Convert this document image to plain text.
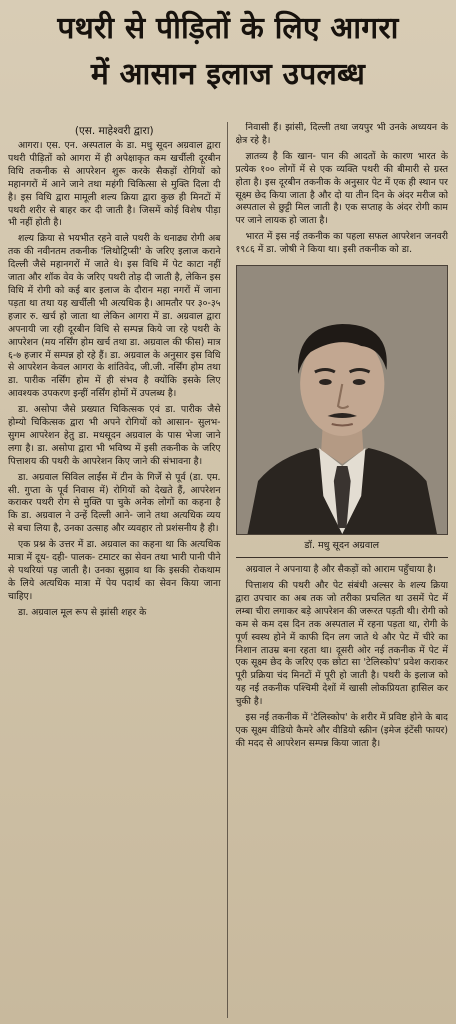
पथरी से पीड़ितों के लिए आगरा
में आसान इलाज उपलब्ध
(एस. माहेश्वरी द्वारा)

आगरा। एस. एन. अस्पताल के डा. मधु सूदन अग्रवाल द्वारा पथरी पीड़ितों को आगरा में ही अपेक्षाकृत कम खर्चीली दूरबीन विधि तकनीक से आपरेशन शुरू करके सैकड़ों रोगियों को महानगरों में आने जाने तथा महंगी चिकित्सा से मुक्ति दिला दी है। इस विधि द्वारा मामूली शल्य क्रिया द्वारा कुछ ही मिनटों में पथरी शरीर से बाहर कर दी जाती है। जिसमें कोई विशेष पीड़ा भी नहीं होती है।

शल्य क्रिया से भयभीत रहने वाले पथरी के धनाढ्य रोगी अब तक की नवीनतम तकनीक 'लिथोट्रिप्सी' के जरिए इलाज कराने दिल्ली जैसे महानगरों में जाते थे। इस विधि में पेट काटा नहीं जाता और शॉक वेव के जरिए पथरी तोड़ दी जाती है, लेकिन इस विधि में रोगी को कई बार इलाज के दौरान महा नगरों में जाना पड़ता था तथा यह खर्चीली भी अत्यधिक है। आमतौर पर ३०-३५ हजार रु. खर्च हो जाता था लेकिन आगरा में डा. अग्रवाल द्वारा अपनायी जा रही दूरबीन विधि से सम्पन्न किये जा रहे पथरी के आपरेशन (मय नर्सिंग होम खर्च तथा डा. अग्रवाल की फीस) मात्र ६-७ हजार में सम्पन्न हो रहे हैं। डा. अग्रवाल के अनुसार इस विधि से आपरेशन केवल आगरा के शांतिवेद, जी.जी. नर्सिंग होम तथा डा. पारीक नर्सिंग होम में ही संभव है क्योंकि इसके लिए आवश्यक उपकरण इन्हीं नर्सिंग होमों में उपलब्ध है।

डा. असोपा जैसे प्रख्यात चिकित्सक एवं डा. पारीक जैसे होम्यो चिकित्सक द्वारा भी अपने रोगियों को आसान- सुलभ- सुगम आपरेशन हेतु डा. मधसूदन अग्रवाल के पास भेजा जाने लगा है। डा. असोपा द्वारा भी भविष्य में इसी तकनीक के जरिए पित्ताशय की पथरी के आपरेशन किए जाने की संभावना है।

डा. अग्रवाल सिविल लाईंस में टीन के गिर्जे से पूर्व (डा. एम. सी. गुप्ता के पूर्व निवास में) रोगियों को देखते हैं, आपरेशन कराकर पथरी रोग से मुक्ति पा चुके अनेक लोगों का कहना है कि डा. अग्रवाल ने उन्हें दिल्ली आने- जाने तथा अत्यधिक व्यय से बचा लिया है, उनका उत्साह और व्यवहार तो प्रशंसनीय है ही।

एक प्रश्न के उत्तर में डा. अग्रवाल का कहना था कि अत्यधिक मात्रा में दूध- दही- पालक- टमाटर का सेवन तथा भारी पानी पीने से पथरियां पड़ जाती है। उनका सुझाव था कि इसकी रोकथाम के लिये अत्यधिक मात्रा में पेय पदार्थ का सेवन किया जाना चाहिए।

डा. अग्रवाल मूल रूप से झांसी शहर के

निवासी हैं। झांसी, दिल्ली तथा जयपुर भी उनके अध्ययन के क्षेत्र रहे है।

ज्ञातव्य है कि खान- पान की आदतों के कारण भारत के प्रत्येक १०० लोगों में से एक व्यक्ति पथरी की बीमारी से ग्रस्त होता है। इस दूरबीन तकनीक के अनुसार पेट में एक ही स्थान पर सूक्ष्म छेद किया जाता है और दो या तीन दिन के अंदर मरीज को अस्पताल से छुट्टी मिल जाती है। एक सप्ताह के अंदर रोगी काम पर जाने लायक हो जाता है।

भारत में इस नई तकनीक का पहला सफल आपरेशन जनवरी १९८६ में डा. जोषी ने किया था। इसी तकनीक को डा.

डॉ. मधु सूदन अग्रवाल

अग्रवाल ने अपनाया है और सैकड़ों को आराम पहुँचाया है।

पित्ताशय की पथरी और पेट संबंधी अल्सर के शल्य क्रिया द्वारा उपचार का अब तक जो तरीका प्रचलित था उसमें पेट में लम्बा चीरा लगाकर बड़े आपरेशन की जरूरत पड़ती थी। रोगी को कम से कम दस दिन तक अस्पताल में रहना पड़ता था, रोगी के पूर्ण स्वस्थ होने में काफी दिन लग जाते थे और पेट में चीरे का निशान ताउम्र बना रहता था। दूसरी ओर नई तकनीक में पेट में एक सूक्ष्म छेद के जरिए एक छोटा सा 'टेलिस्कोप' प्रवेश कराकर पूरी प्रक्रिया चंद मिनटों में पूरी हो जाती है। पथरी के इलाज को यह नई तकनीक पश्चिमी देशों में खासी लोकप्रियता हासिल कर चुकी है।

इस नई तकनीक में 'टेलिस्कोप' के शरीर में प्रविष्ट होने के बाद एक सूक्ष्म वीडियो कैमरे और वीडियो स्क्रीन (इमेज इंटेंसी फायर) की मदद से आपरेशन सम्पन्न किया जाता है।
